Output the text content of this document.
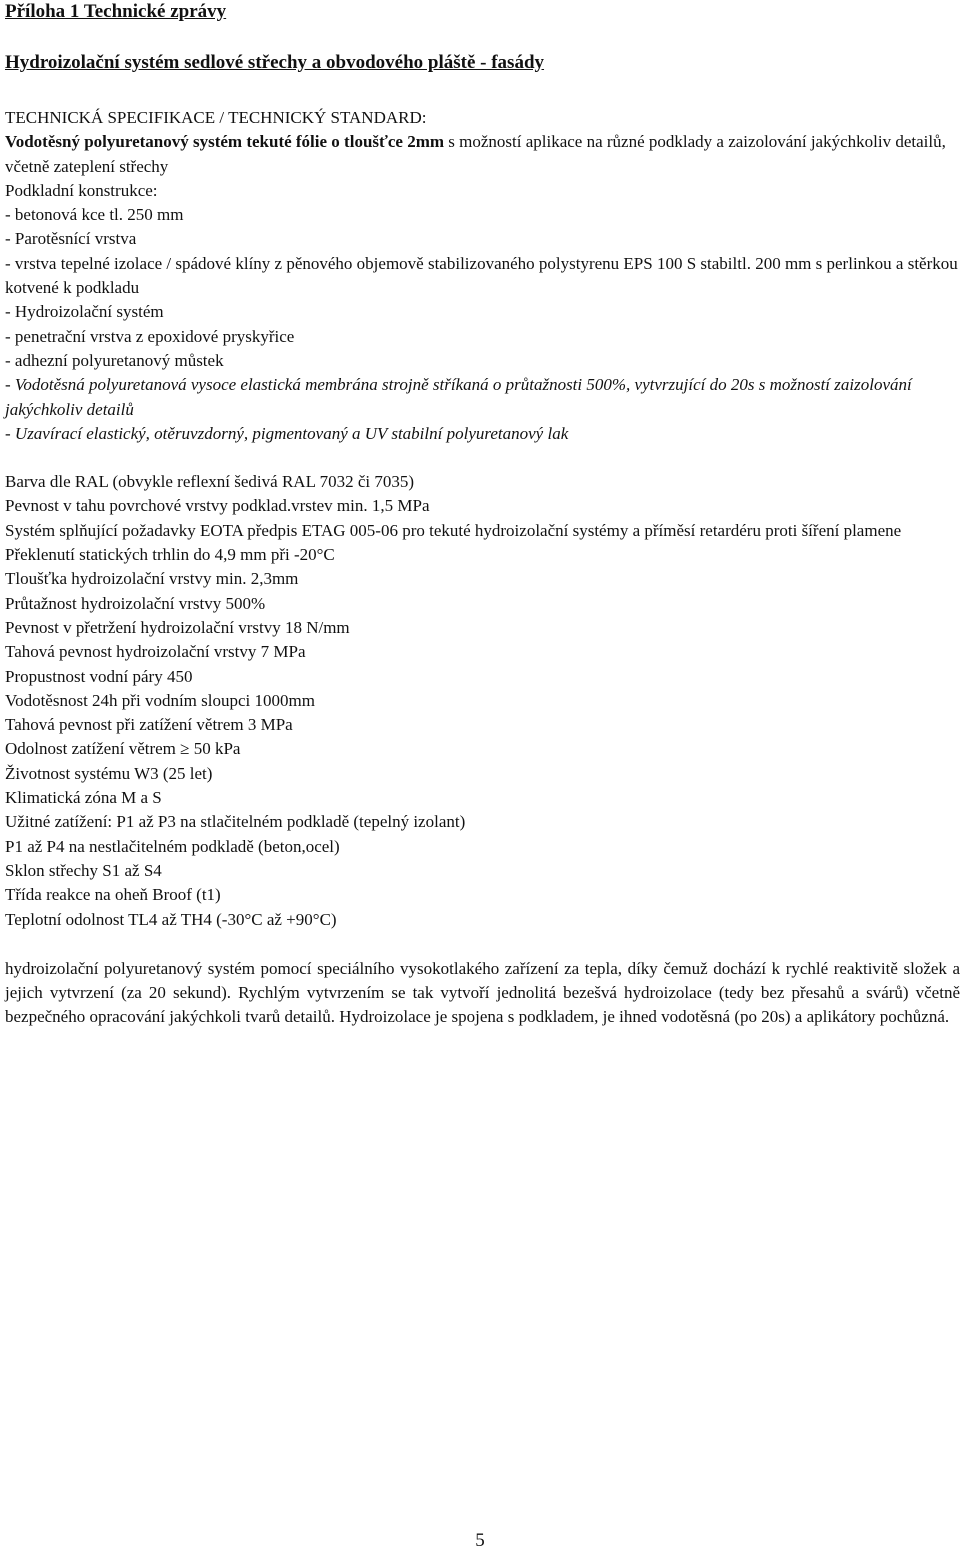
Příloha 1 Technické zprávy

Hydroizolační systém sedlové střechy a obvodového pláště - fasády

TECHNICKÁ SPECIFIKACE / TECHNICKÝ STANDARD:

Vodotěsný polyuretanový systém tekuté fólie o tloušťce 2mm s možností aplikace na různé podklady a zaizolování jakýchkoliv detailů, včetně zateplení střechy

Podkladní konstrukce:

- betonová kce tl. 250 mm

- Parotěsnící vrstva

- vrstva tepelné izolace / spádové klíny z pěnového objemově stabilizovaného polystyrenu EPS 100 S stabiltl. 200 mm s perlinkou a stěrkou kotvené k podkladu

- Hydroizolační systém

- penetrační vrstva z epoxidové pryskyřice

- adhezní polyuretanový můstek

- Vodotěsná polyuretanová vysoce elastická membrána strojně stříkaná o průtažnosti 500%, vytvrzující do 20s s možností zaizolování jakýchkoliv detailů

- Uzavírací elastický, otěruvzdorný, pigmentovaný a UV stabilní polyuretanový lak

Barva dle RAL (obvykle reflexní šedivá RAL 7032 či 7035)

Pevnost v tahu povrchové vrstvy podklad.vrstev min. 1,5 MPa

Systém splňující požadavky EOTA předpis ETAG 005-06 pro tekuté hydroizolační systémy a příměsí retardéru proti šíření plamene

Překlenutí statických trhlin do 4,9 mm při -20°C

Tloušťka hydroizolační vrstvy min. 2,3mm

Průtažnost hydroizolační vrstvy 500%

Pevnost v přetržení hydroizolační vrstvy 18 N/mm

Tahová pevnost hydroizolační vrstvy 7 MPa

Propustnost vodní páry 450

Vodotěsnost 24h při vodním sloupci 1000mm

Tahová pevnost při zatížení větrem 3 MPa

Odolnost zatížení větrem ≥ 50 kPa

Životnost systému W3 (25 let)

Klimatická zóna M a S

Užitné zatížení: P1 až P3 na stlačitelném podkladě (tepelný izolant)

P1 až P4 na nestlačitelném podkladě (beton,ocel)

Sklon střechy S1 až S4

Třída reakce na oheň Broof (t1)

Teplotní odolnost TL4 až TH4 (-30°C až +90°C)

hydroizolační polyuretanový systém pomocí speciálního vysokotlakého zařízení za tepla, díky čemuž dochází k rychlé reaktivitě složek a jejich vytvrzení (za 20 sekund). Rychlým vytvrzením se tak vytvoří jednolitá bezešvá hydroizolace (tedy bez přesahů a svárů) včetně bezpečného opracování jakýchkoli tvarů detailů. Hydroizolace je spojena s podkladem, je ihned vodotěsná (po 20s) a aplikátory pochůzná.

5
